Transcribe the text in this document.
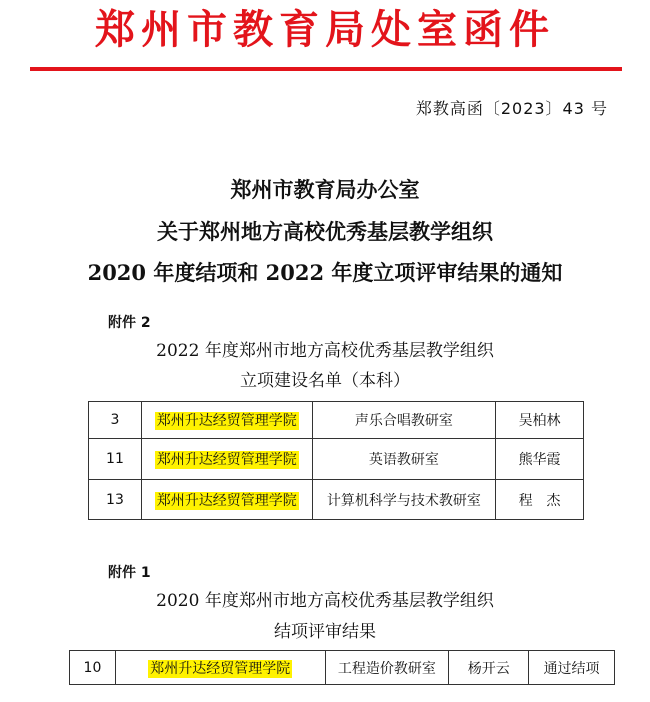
郑州市教育局处室函件
郑教高函〔2023〕43 号
郑州市教育局办公室
关于郑州地方高校优秀基层教学组织
2020 年度结项和 2022 年度立项评审结果的通知
附件 2
2022 年度郑州市地方高校优秀基层教学组织
立项建设名单（本科）
3	郑州升达经贸管理学院	声乐合唱教研室	吴柏林
11	郑州升达经贸管理学院	英语教研室	熊华霞
13	郑州升达经贸管理学院	计算机科学与技术教研室	程　杰
附件 1
2020 年度郑州市地方高校优秀基层教学组织
结项评审结果
10	郑州升达经贸管理学院	工程造价教研室	杨开云	通过结项
